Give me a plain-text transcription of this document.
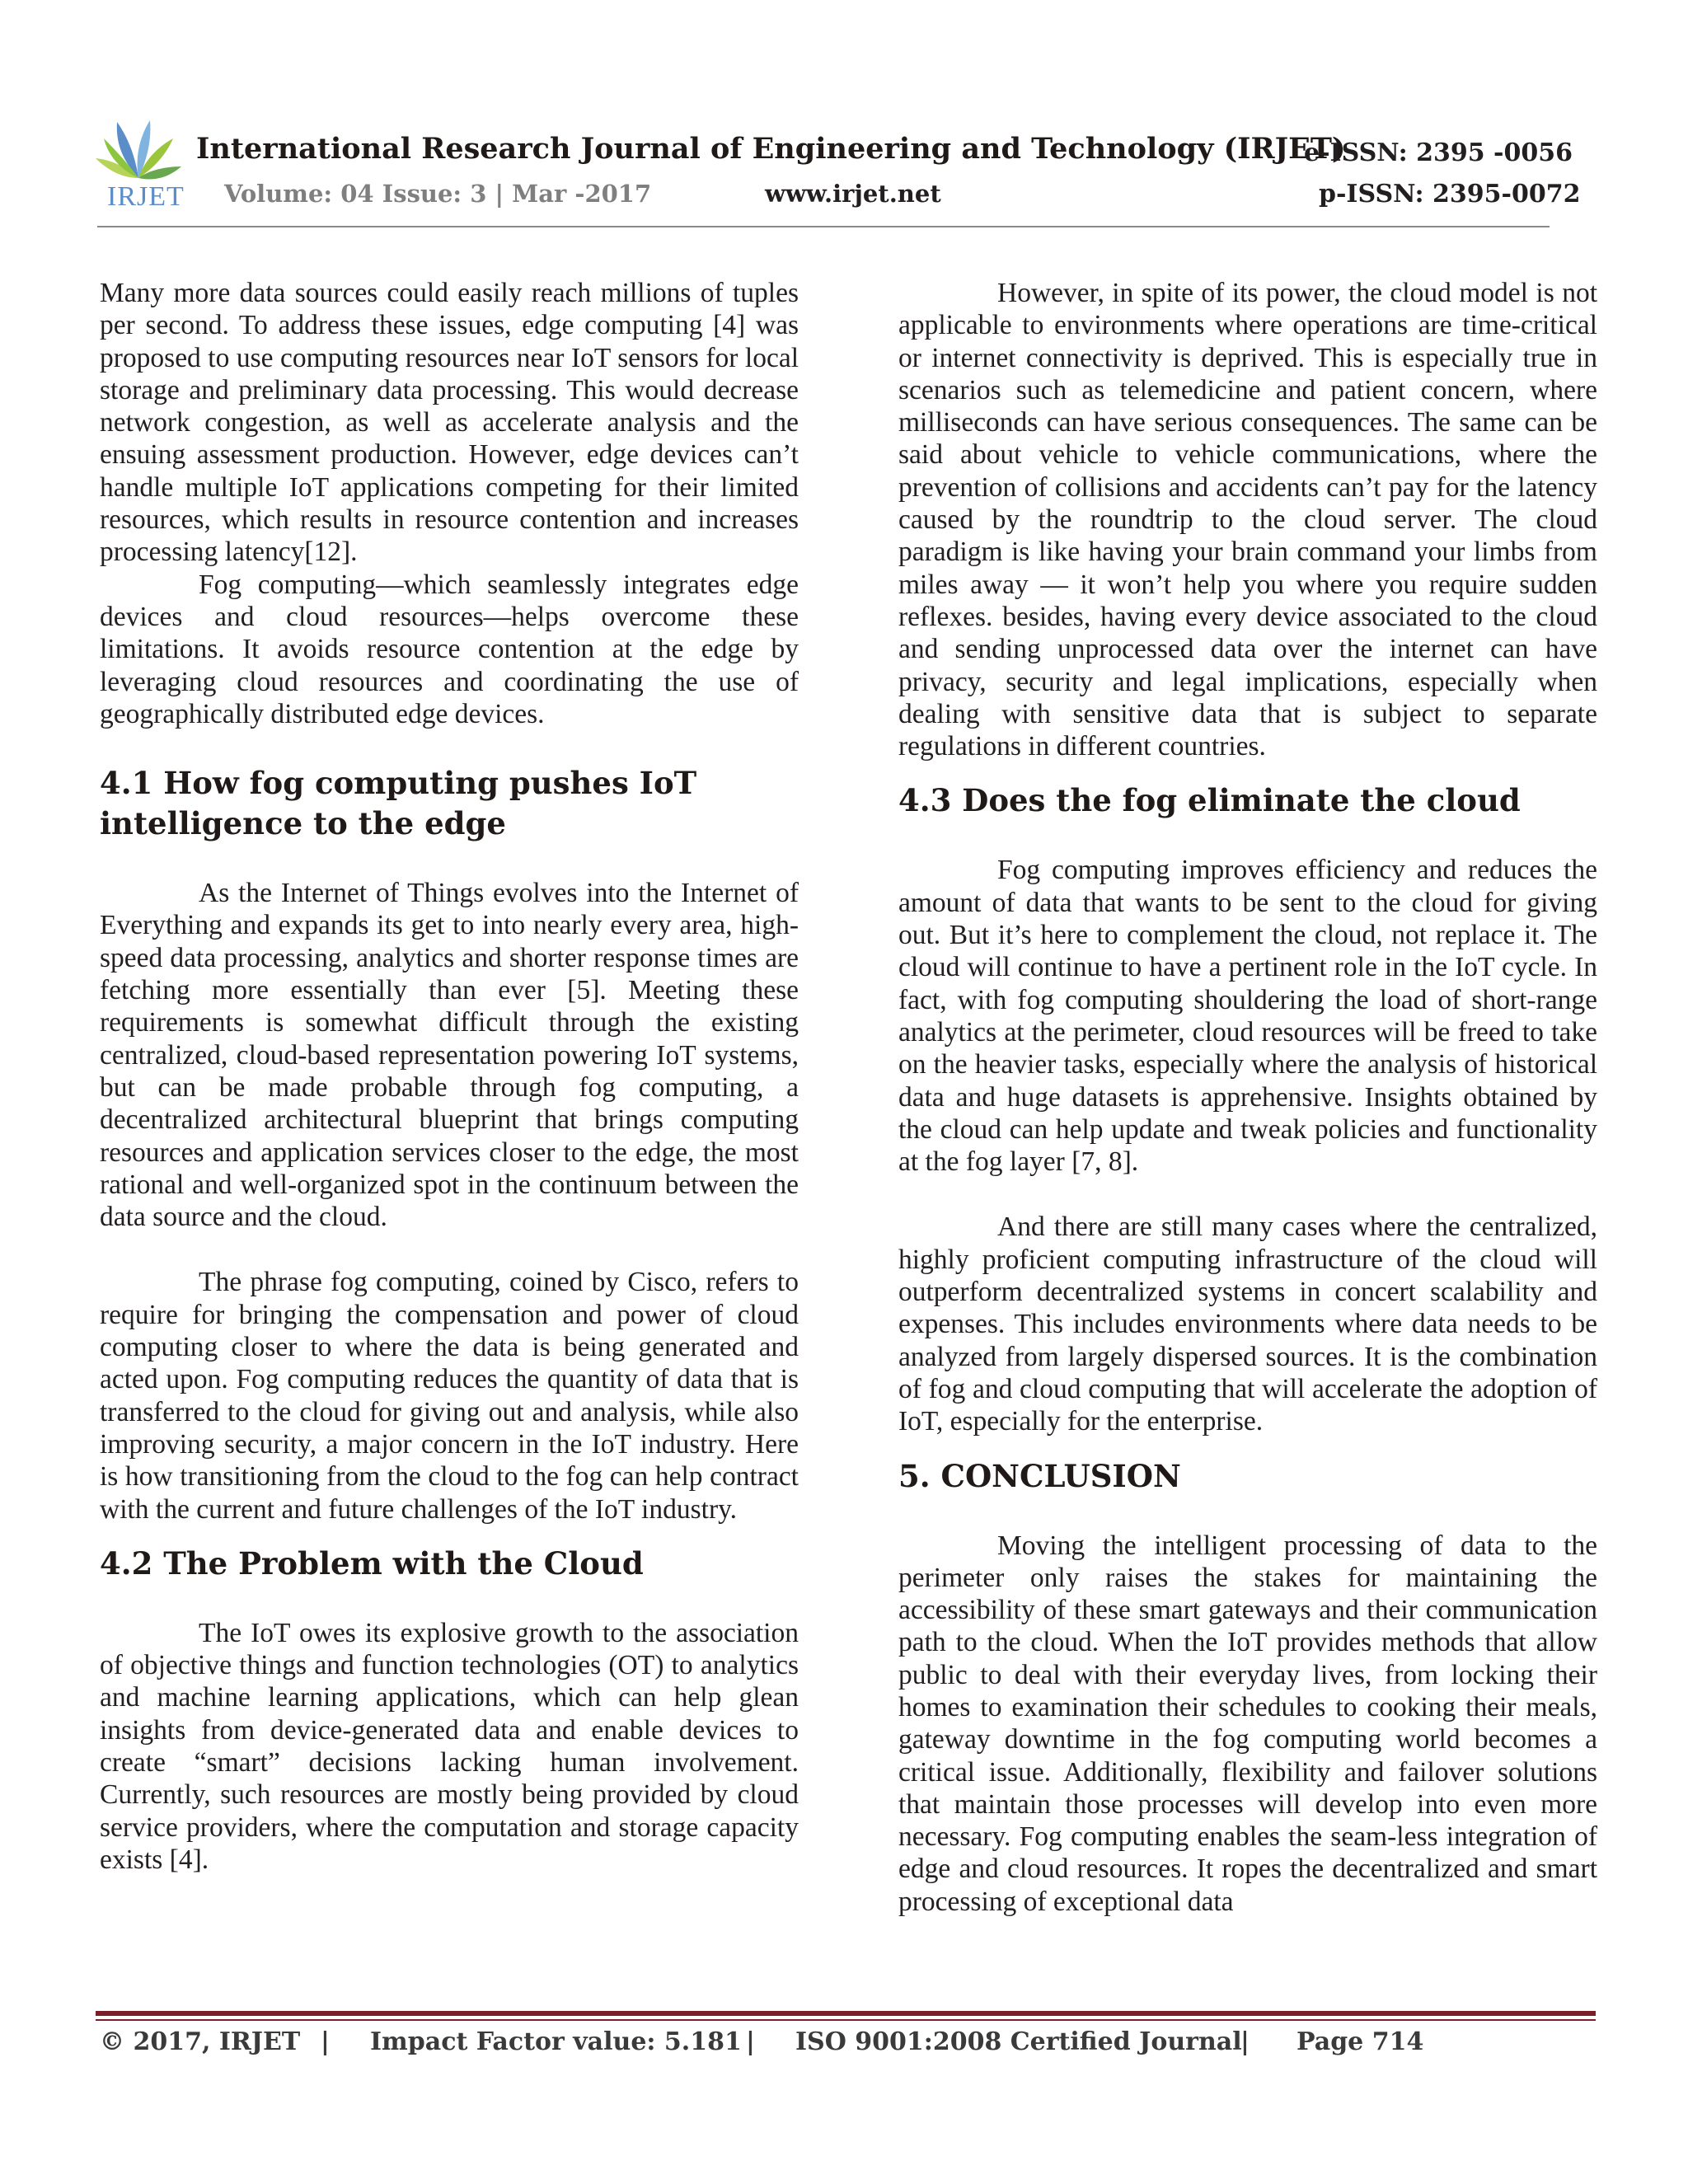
IRJET
International Research Journal of Engineering and Technology (IRJET)
e-ISSN: 2395 -0056
Volume: 04 Issue: 3 | Mar -2017	www.irjet.net	p-ISSN: 2395-0072

Many more data sources could easily reach millions of tuples per second. To address these issues, edge computing [4] was proposed to use computing resources near IoT sensors for local storage and preliminary data processing. This would decrease network congestion, as well as accelerate analysis and the ensuing assessment production. However, edge devices can’t handle multiple IoT applications competing for their limited resources, which results in resource contention and increases processing latency[12].

Fog computing—which seamlessly integrates edge devices and cloud resources—helps overcome these limitations. It avoids resource contention at the edge by leveraging cloud resources and coordinating the use of geographically distributed edge devices.

4.1 How fog computing pushes IoT intelligence to the edge

As the Internet of Things evolves into the Internet of Everything and expands its get to into nearly every area, high-speed data processing, analytics and shorter response times are fetching more essentially than ever [5]. Meeting these requirements is somewhat difficult through the existing centralized, cloud-based representation powering IoT systems, but can be made probable through fog computing, a decentralized architectural blueprint that brings computing resources and application services closer to the edge, the most rational and well-organized spot in the continuum between the data source and the cloud.

The phrase fog computing, coined by Cisco, refers to require for bringing the compensation and power of cloud computing closer to where the data is being generated and acted upon. Fog computing reduces the quantity of data that is transferred to the cloud for giving out and analysis, while also improving security, a major concern in the IoT industry. Here is how transitioning from the cloud to the fog can help contract with the current and future challenges of the IoT industry.

4.2 The Problem with the Cloud

The IoT owes its explosive growth to the association of objective things and function technologies (OT) to analytics and machine learning applications, which can help glean insights from device-generated data and enable devices to create “smart” decisions lacking human involvement. Currently, such resources are mostly being provided by cloud service providers, where the computation and storage capacity exists [4].

However, in spite of its power, the cloud model is not applicable to environments where operations are time-critical or internet connectivity is deprived. This is especially true in scenarios such as telemedicine and patient concern, where milliseconds can have serious consequences. The same can be said about vehicle to vehicle communications, where the prevention of collisions and accidents can’t pay for the latency caused by the roundtrip to the cloud server. The cloud paradigm is like having your brain command your limbs from miles away — it won’t help you where you require sudden reflexes. besides, having every device associated to the cloud and sending unprocessed data over the internet can have privacy, security and legal implications, especially when dealing with sensitive data that is subject to separate regulations in different countries.

4.3 Does the fog eliminate the cloud

Fog computing improves efficiency and reduces the amount of data that wants to be sent to the cloud for giving out. But it’s here to complement the cloud, not replace it. The cloud will continue to have a pertinent role in the IoT cycle. In fact, with fog computing shouldering the load of short-range analytics at the perimeter, cloud resources will be freed to take on the heavier tasks, especially where the analysis of historical data and huge datasets is apprehensive. Insights obtained by the cloud can help update and tweak policies and functionality at the fog layer [7, 8].

And there are still many cases where the centralized, highly proficient computing infrastructure of the cloud will outperform decentralized systems in concert scalability and expenses. This includes environments where data needs to be analyzed from largely dispersed sources. It is the combination of fog and cloud computing that will accelerate the adoption of IoT, especially for the enterprise.

5. CONCLUSION

Moving the intelligent processing of data to the perimeter only raises the stakes for maintaining the accessibility of these smart gateways and their communication path to the cloud. When the IoT provides methods that allow public to deal with their everyday lives, from locking their homes to examination their schedules to cooking their meals, gateway downtime in the fog computing world becomes a critical issue. Additionally, flexibility and failover solutions that maintain those processes will develop into even more necessary. Fog computing enables the seam-less integration of edge and cloud resources. It ropes the decentralized and smart processing of exceptional data

© 2017, IRJET | Impact Factor value: 5.181 | ISO 9001:2008 Certified Journal
| Page 714
